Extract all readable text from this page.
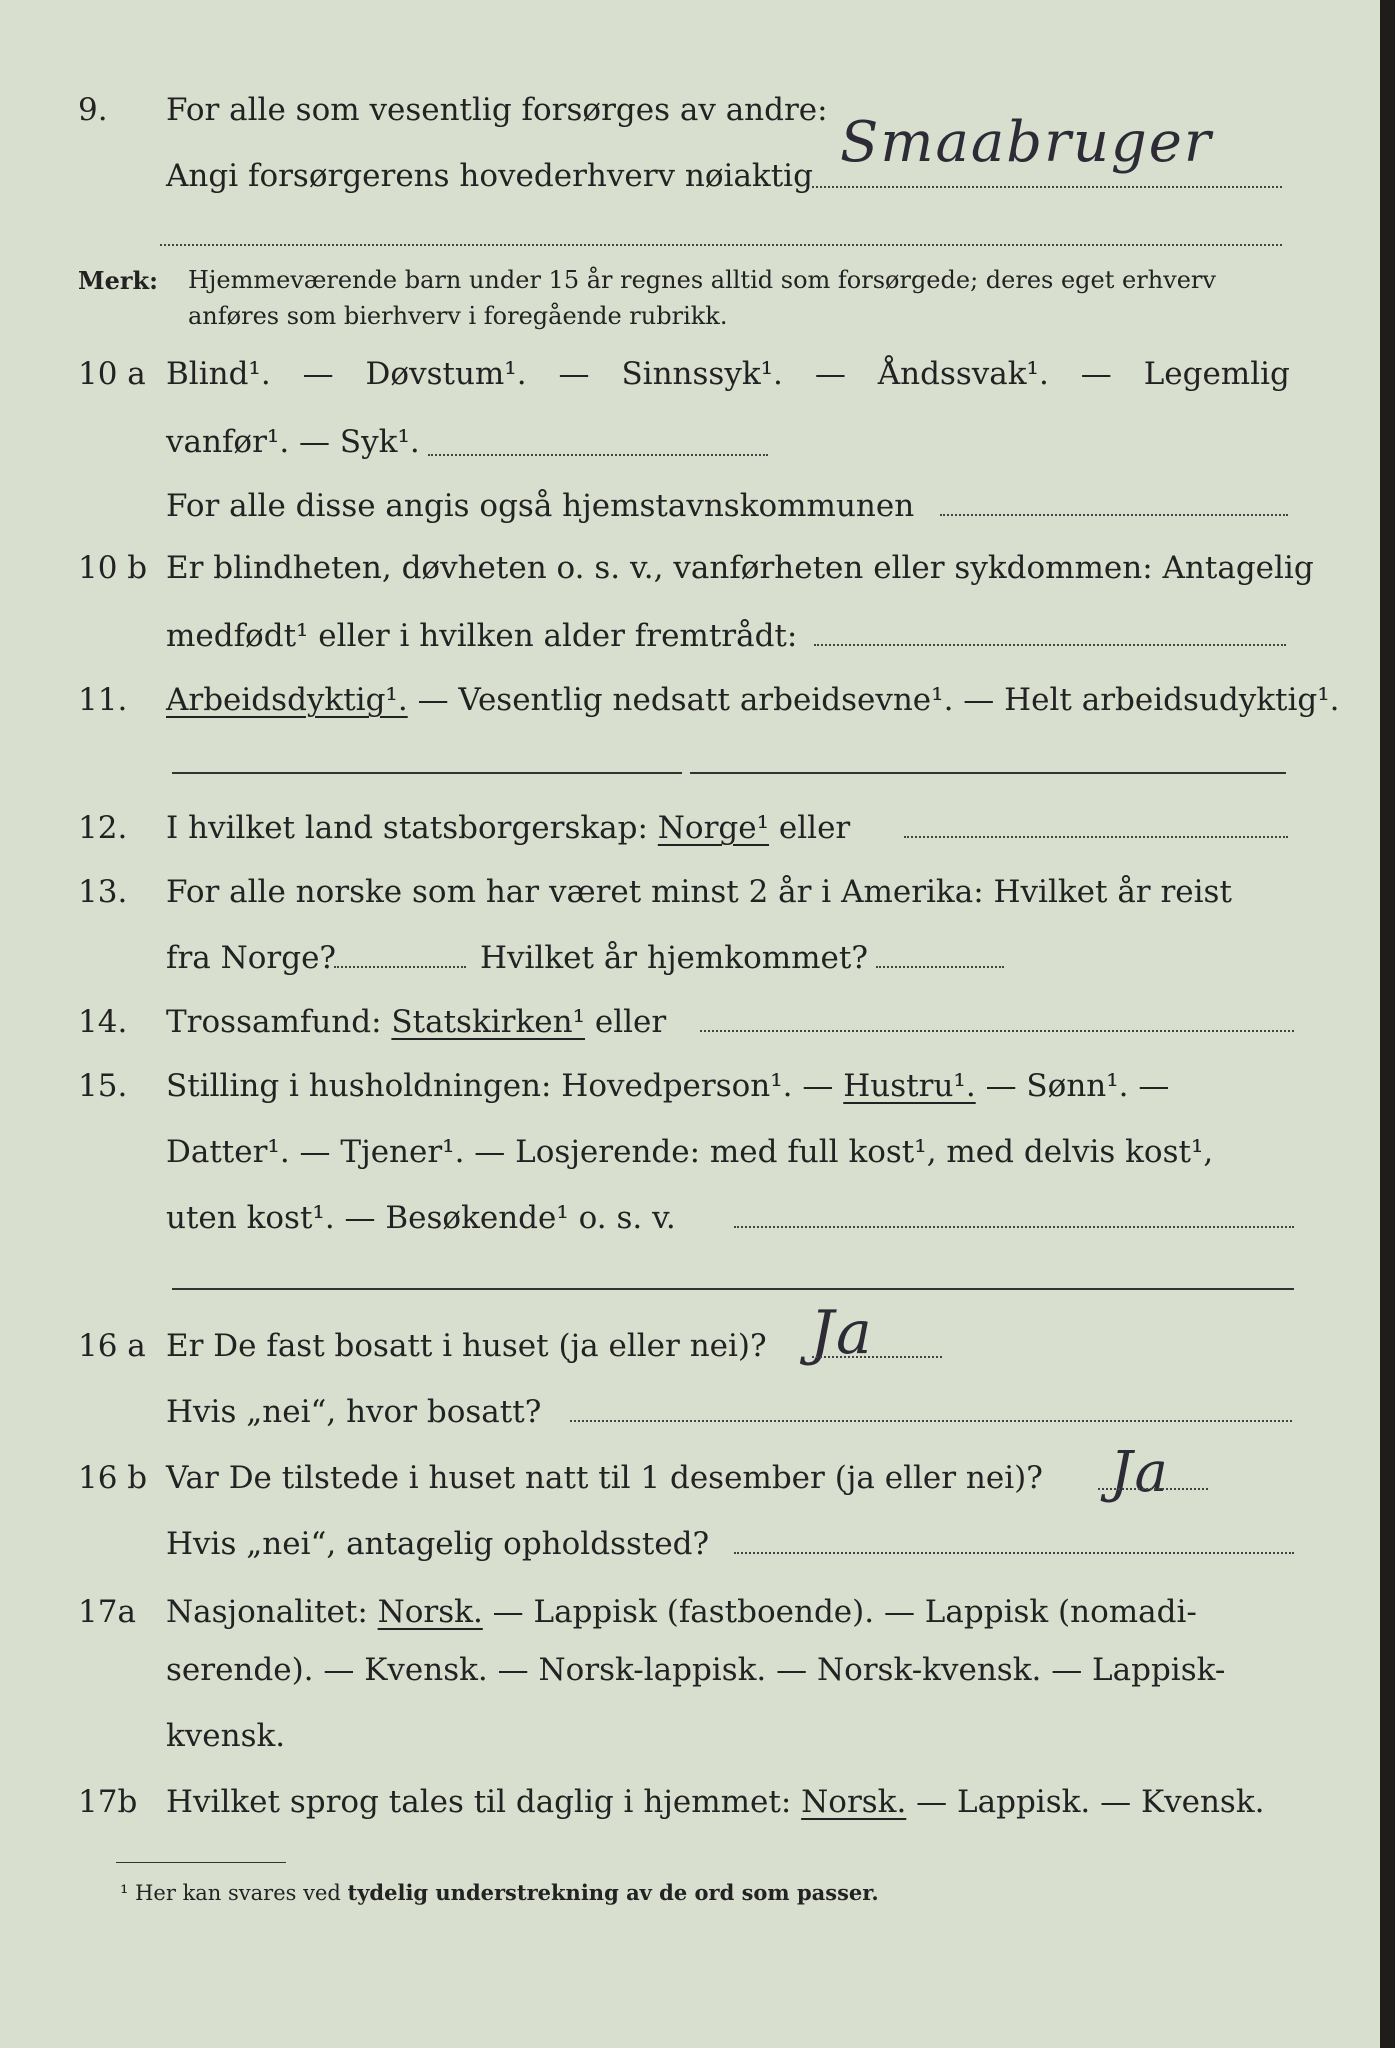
9. For alle som vesentlig forsørges av andre:
Angi forsørgerens hovederhverv nøiaktig
Smaabruger
Merk: Hjemmeværende barn under 15 år regnes alltid som forsørgede; deres eget erhverv
anføres som bierhverv i foregående rubrikk.
10 a Blind¹. — Døvstum¹. — Sinnssyk¹. — Åndssvak¹. — Legemlig
vanfør¹. — Syk¹.
For alle disse angis også hjemstavnskommunen
10 b Er blindheten, døvheten o. s. v., vanførheten eller sykdommen: Antagelig
medfødt¹ eller i hvilken alder fremtrådt:
11. Arbeidsdyktig¹. — Vesentlig nedsatt arbeidsevne¹. — Helt arbeidsudyktig¹.
12. I hvilket land statsborgerskap: Norge¹ eller
13. For alle norske som har været minst 2 år i Amerika: Hvilket år reist
fra Norge?	Hvilket år hjemkommet?
14. Trossamfund: Statskirken¹ eller
15. Stilling i husholdningen: Hovedperson¹. — Hustru¹. — Sønn¹. —
Datter¹. — Tjener¹. — Losjerende: med full kost¹, med delvis kost¹,
uten kost¹. — Besøkende¹ o. s. v.
16 a Er De fast bosatt i huset (ja eller nei)? Ja
Hvis „nei“, hvor bosatt?
16 b Var De tilstede i huset natt til 1 desember (ja eller nei)? Ja
Hvis „nei“, antagelig opholdssted?
17a Nasjonalitet: Norsk. — Lappisk (fastboende). — Lappisk (nomadi-
serende). — Kvensk. — Norsk-lappisk. — Norsk-kvensk. — Lappisk-
kvensk.
17b Hvilket sprog tales til daglig i hjemmet: Norsk. — Lappisk. — Kvensk.
¹ Her kan svares ved tydelig understrekning av de ord som passer.
